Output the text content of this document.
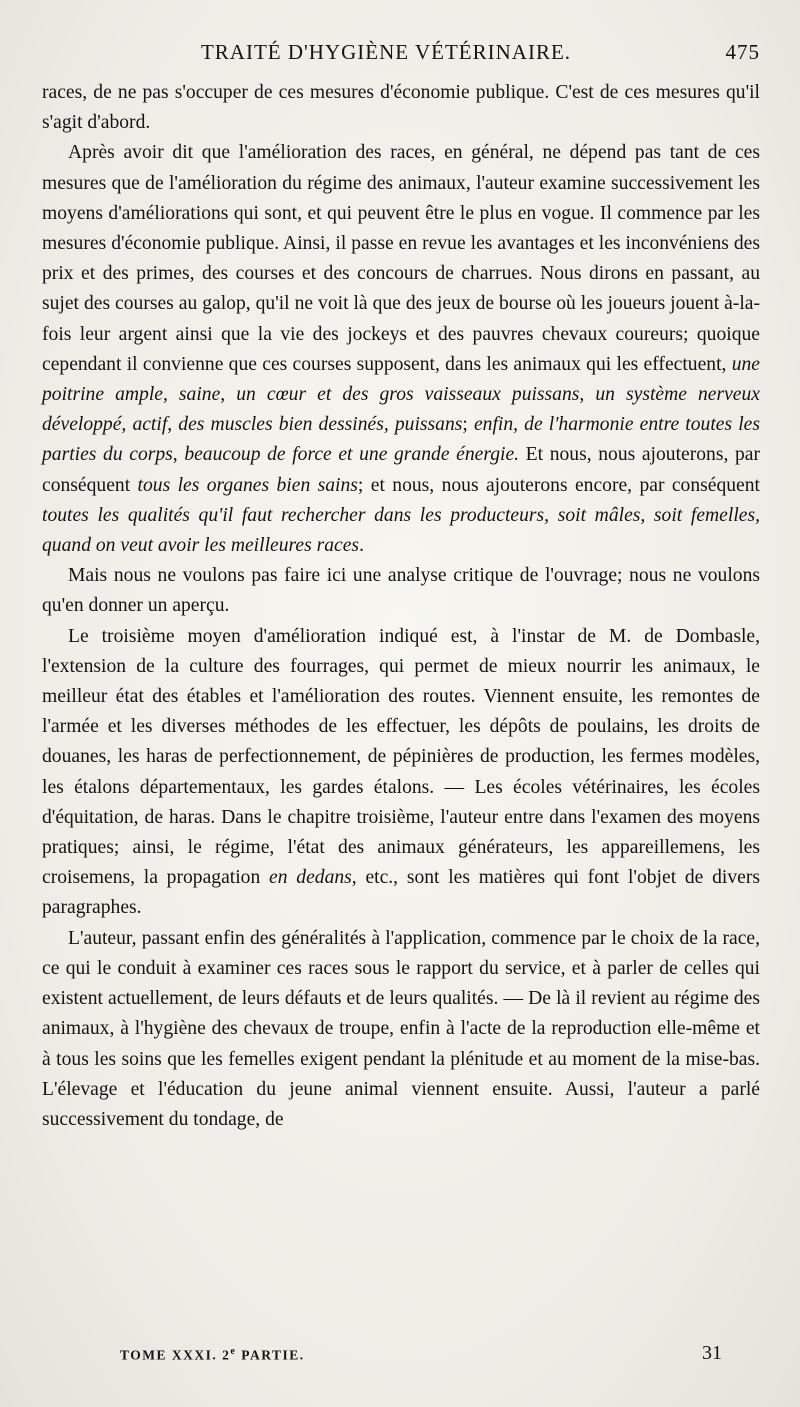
TRAITÉ D'HYGIÈNE VÉTÉRINAIRE.	475

races, de ne pas s'occuper de ces mesures d'économie publique. C'est de ces mesures qu'il s'agit d'abord.

Après avoir dit que l'amélioration des races, en général, ne dépend pas tant de ces mesures que de l'amélioration du régime des animaux, l'auteur examine successivement les moyens d'améliorations qui sont, et qui peuvent être le plus en vogue. Il commence par les mesures d'économie publique. Ainsi, il passe en revue les avantages et les inconvéniens des prix et des primes, des courses et des concours de charrues. Nous dirons en passant, au sujet des courses au galop, qu'il ne voit là que des jeux de bourse où les joueurs jouent à-la-fois leur argent ainsi que la vie des jockeys et des pauvres chevaux coureurs; quoique cependant il convienne que ces courses supposent, dans les animaux qui les effectuent, une poitrine ample, saine, un cœur et des gros vaisseaux puissans, un système nerveux développé, actif, des muscles bien dessinés, puissans; enfin, de l'harmonie entre toutes les parties du corps, beaucoup de force et une grande énergie. Et nous, nous ajouterons, par conséquent tous les organes bien sains; et nous, nous ajouterons encore, par conséquent toutes les qualités qu'il faut rechercher dans les producteurs, soit mâles, soit femelles, quand on veut avoir les meilleures races.

Mais nous ne voulons pas faire ici une analyse critique de l'ouvrage; nous ne voulons qu'en donner un aperçu.

Le troisième moyen d'amélioration indiqué est, à l'instar de M. de Dombasle, l'extension de la culture des fourrages, qui permet de mieux nourrir les animaux, le meilleur état des étables et l'amélioration des routes. Viennent ensuite, les remontes de l'armée et les diverses méthodes de les effectuer, les dépôts de poulains, les droits de douanes, les haras de perfectionnement, de pépinières de production, les fermes modèles, les étalons départementaux, les gardes étalons. — Les écoles vétérinaires, les écoles d'équitation, de haras. Dans le chapitre troisième, l'auteur entre dans l'examen des moyens pratiques; ainsi, le régime, l'état des animaux générateurs, les appareillemens, les croisemens, la propagation en dedans, etc., sont les matières qui font l'objet de divers paragraphes.

L'auteur, passant enfin des généralités à l'application, commence par le choix de la race, ce qui le conduit à examiner ces races sous le rapport du service, et à parler de celles qui existent actuellement, de leurs défauts et de leurs qualités. — De là il revient au régime des animaux, à l'hygiène des chevaux de troupe, enfin à l'acte de la reproduction elle-même et à tous les soins que les femelles exigent pendant la plénitude et au moment de la mise-bas. L'élevage et l'éducation du jeune animal viennent ensuite. Aussi, l'auteur a parlé successivement du tondage, de

TOME XXXI. 2e PARTIE.	31
